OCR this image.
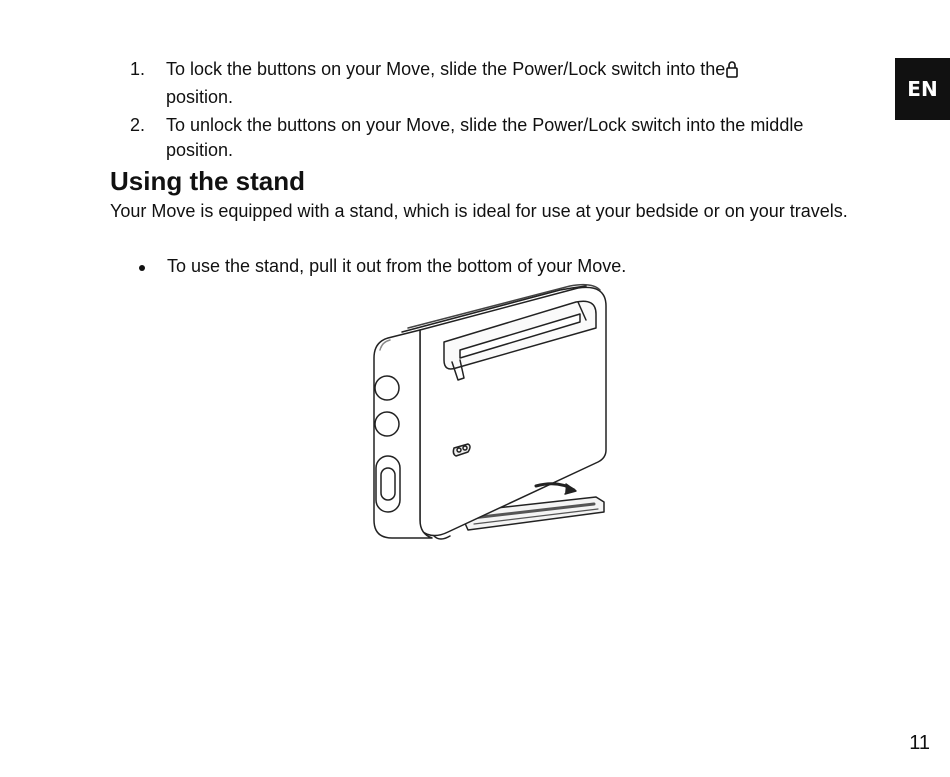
EN
1. To lock the buttons on your Move, slide the Power/Lock switch into the
position.
2. To unlock the buttons on your Move, slide the Power/Lock switch into the middle position.
Using the stand

Your Move is equipped with a stand, which is ideal for use at your bedside or on your travels.

To use the stand, pull it out from the bottom of your Move.
11
